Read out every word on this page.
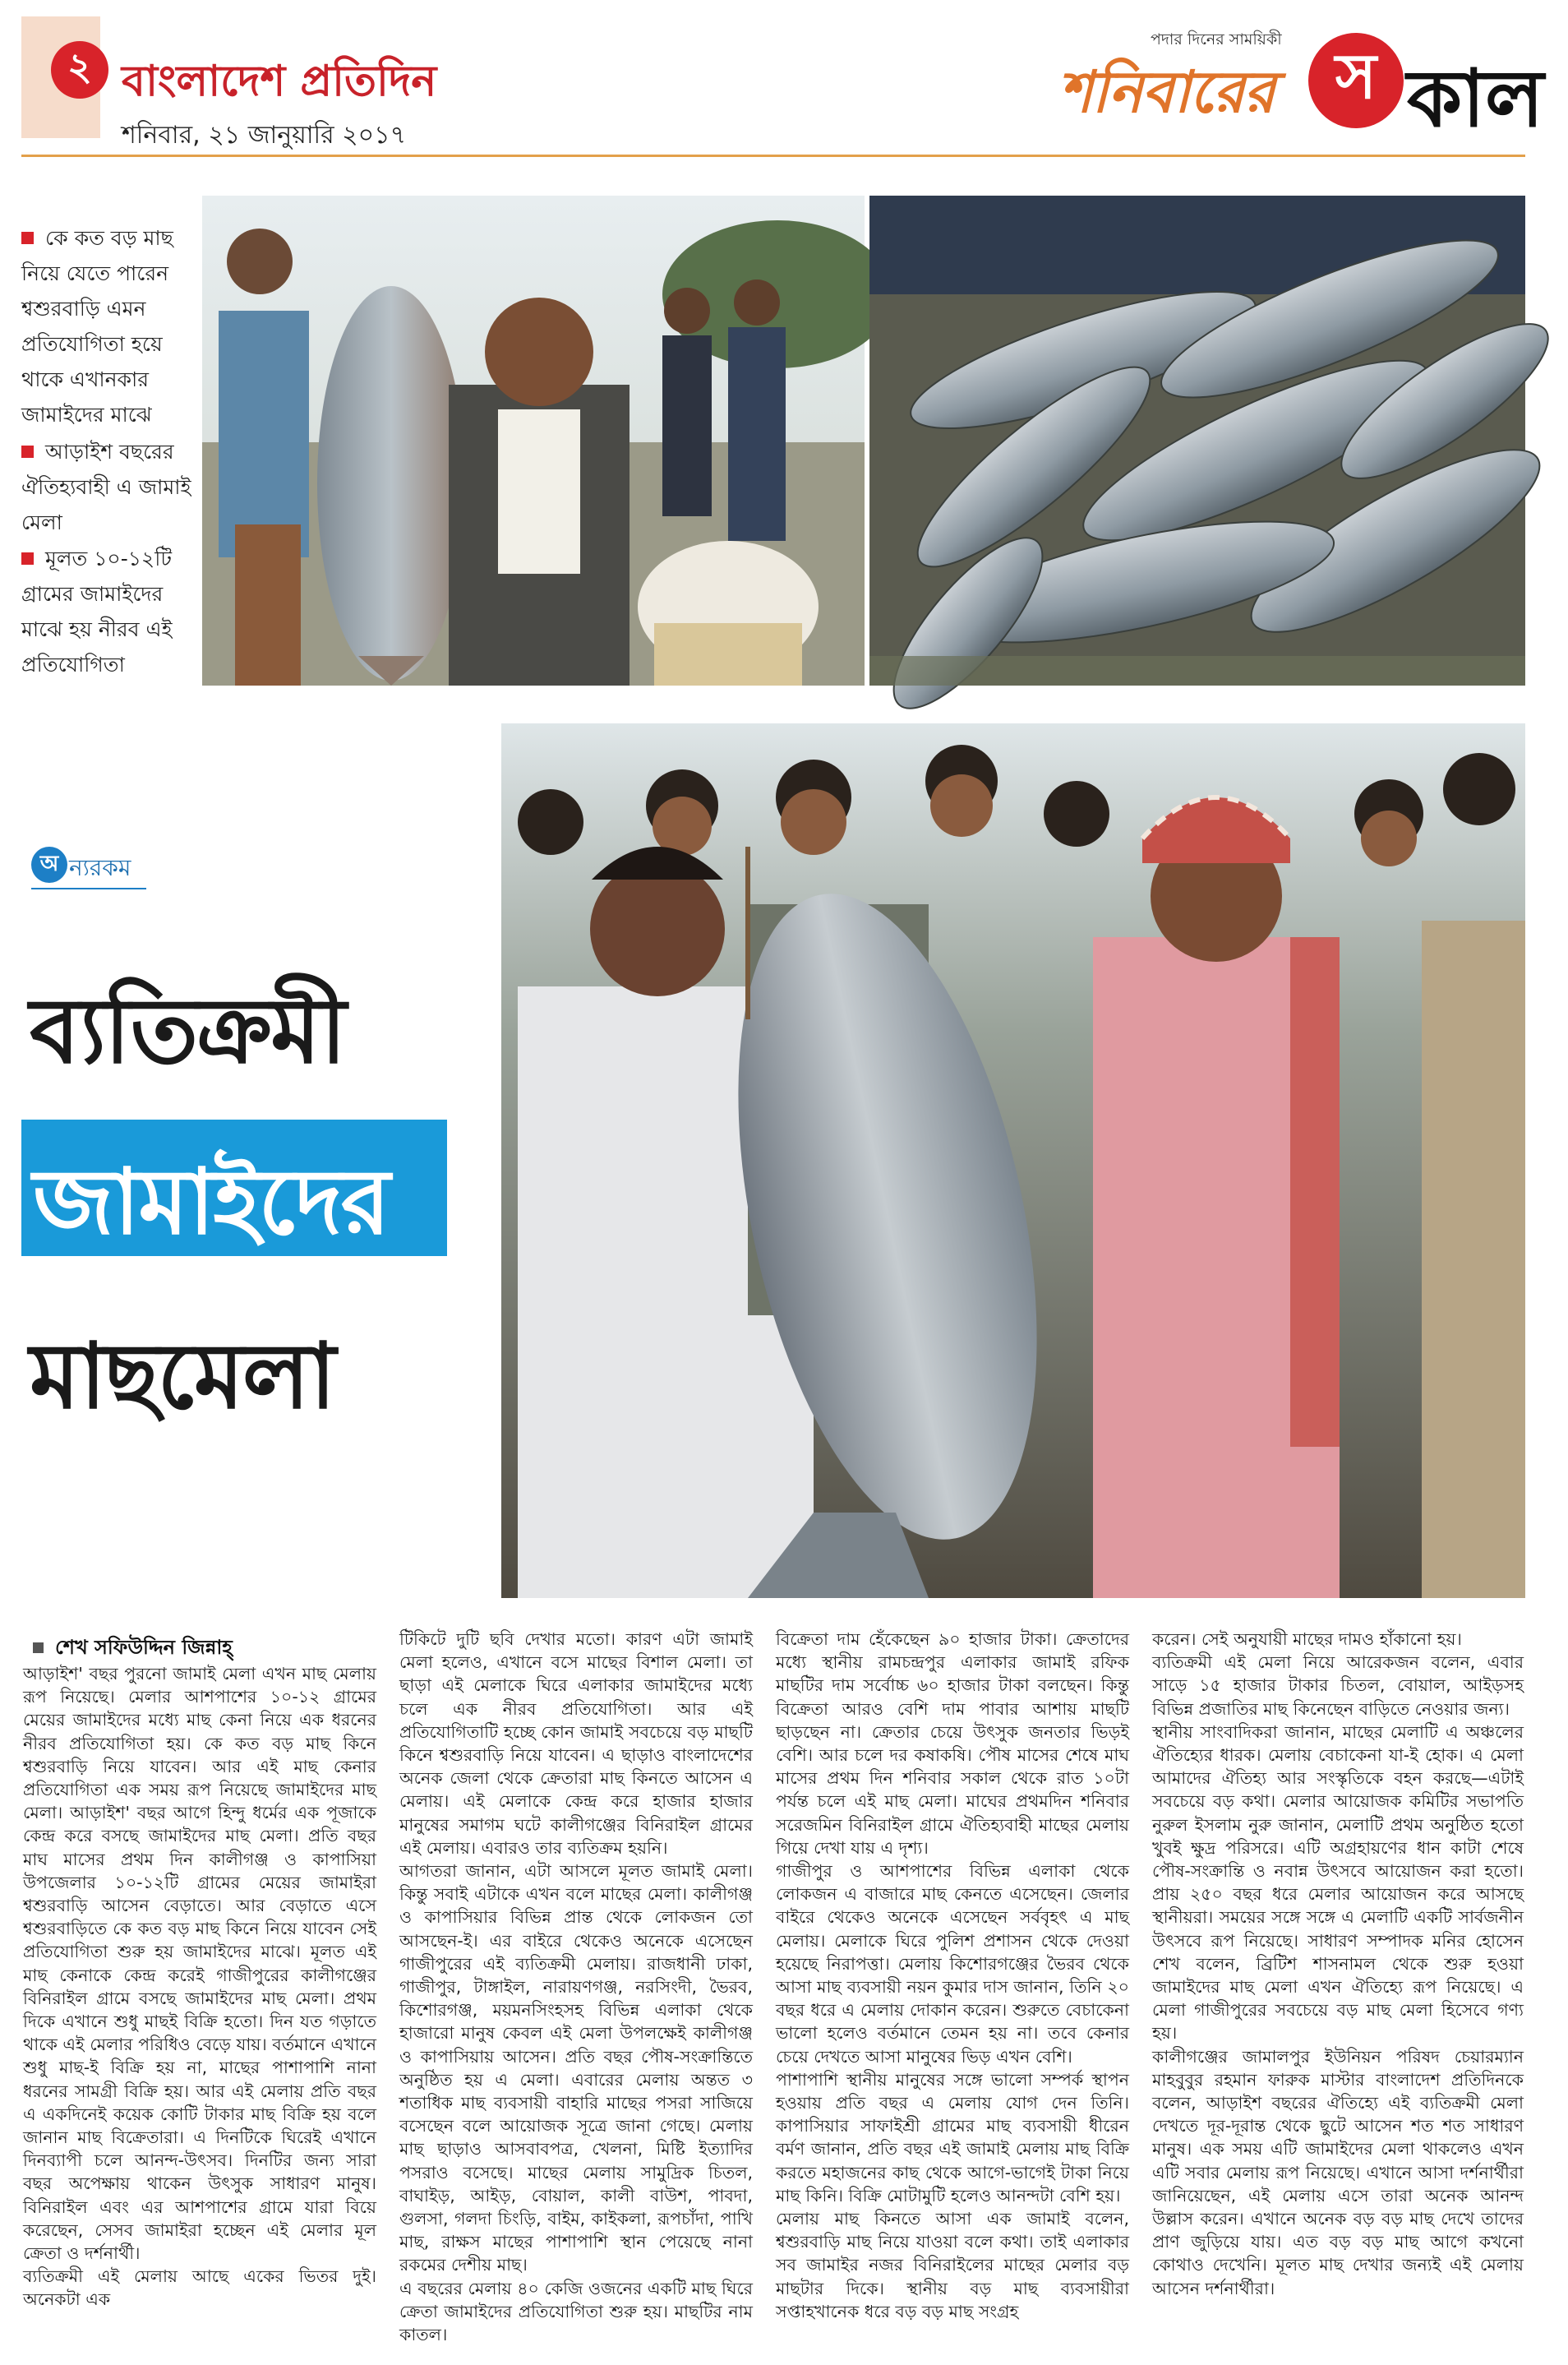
২ বাংলাদেশ প্রতিদিন
শনিবার, ২১ জানুয়ারি ২০১৭
পদার দিনের সাময়িকী
শনিবারের স কাল
কে কত বড় মাছ নিয়ে যেতে পারেন শ্বশুরবাড়ি এমন প্রতিযোগিতা হয়ে থাকে এখানকার জামাইদের মাঝে
আড়াইশ বছরের ঐতিহ্যবাহী এ জামাই মেলা
মূলত ১০-১২টি গ্রামের জামাইদের মাঝে হয় নীরব এই প্রতিযোগিতা
অ ন্যরকম
ব্যতিক্রমী
জামাইদের
মাছমেলা
শেখ সফিউদ্দিন জিন্নাহ্

আড়াইশ' বছর পুরনো জামাই মেলা এখন মাছ মেলায় রূপ নিয়েছে। মেলার আশপাশের ১০-১২ গ্রামের মেয়ের জামাইদের মধ্যে মাছ কেনা নিয়ে এক ধরনের নীরব প্রতিযোগিতা হয়। কে কত বড় মাছ কিনে শ্বশুরবাড়ি নিয়ে যাবেন। আর এই মাছ কেনার প্রতিযোগিতা এক সময় রূপ নিয়েছে জামাইদের মাছ মেলা। আড়াইশ' বছর আগে হিন্দু ধর্মের এক পূজাকে কেন্দ্র করে বসছে জামাইদের মাছ মেলা। প্রতি বছর মাঘ মাসের প্রথম দিন কালীগঞ্জ ও কাপাসিয়া উপজেলার ১০-১২টি গ্রামের মেয়ের জামাইরা শ্বশুরবাড়ি আসেন বেড়াতে। আর বেড়াতে এসে শ্বশুরবাড়িতে কে কত বড় মাছ কিনে নিয়ে যাবেন সেই প্রতিযোগিতা শুরু হয় জামাইদের মাঝে। মূলত এই মাছ কেনাকে কেন্দ্র করেই গাজীপুরের কালীগঞ্জের বিনিরাইল গ্রামে বসছে জামাইদের মাছ মেলা। প্রথম দিকে এখানে শুধু মাছই বিক্রি হতো। দিন যত গড়াতে থাকে এই মেলার পরিধিও বেড়ে যায়। বর্তমানে এখানে শুধু মাছ-ই বিক্রি হয় না, মাছের পাশাপাশি নানা ধরনের সামগ্রী বিক্রি হয়। আর এই মেলায় প্রতি বছর এ একদিনেই কয়েক কোটি টাকার মাছ বিক্রি হয় বলে জানান মাছ বিক্রেতারা। এ দিনটিকে ঘিরেই এখানে দিনব্যাপী চলে আনন্দ-উৎসব। দিনটির জন্য সারা বছর অপেক্ষায় থাকেন উৎসুক সাধারণ মানুষ। বিনিরাইল এবং এর আশপাশের গ্রামে যারা বিয়ে করেছেন, সেসব জামাইরা হচ্ছেন এই মেলার মূল ক্রেতা ও দর্শনার্থী।

ব্যতিক্রমী এই মেলায় আছে একের ভিতর দুই। অনেকটা এক

টিকিটে দুটি ছবি দেখার মতো। কারণ এটা জামাই মেলা হলেও, এখানে বসে মাছের বিশাল মেলা। তা ছাড়া এই মেলাকে ঘিরে এলাকার জামাইদের মধ্যে চলে এক নীরব প্রতিযোগিতা। আর এই প্রতিযোগিতাটি হচ্ছে কোন জামাই সবচেয়ে বড় মাছটি কিনে শ্বশুরবাড়ি নিয়ে যাবেন। এ ছাড়াও বাংলাদেশের অনেক জেলা থেকে ক্রেতারা মাছ কিনতে আসেন এ মেলায়। এই মেলাকে কেন্দ্র করে হাজার হাজার মানুষের সমাগম ঘটে কালীগঞ্জের বিনিরাইল গ্রামের এই মেলায়। এবারও তার ব্যতিক্রম হয়নি।

আগতরা জানান, এটা আসলে মূলত জামাই মেলা। কিন্তু সবাই এটাকে এখন বলে মাছের মেলা। কালীগঞ্জ ও কাপাসিয়ার বিভিন্ন প্রান্ত থেকে লোকজন তো আসছেন-ই। এর বাইরে থেকেও অনেকে এসেছেন গাজীপুরের এই ব্যতিক্রমী মেলায়। রাজধানী ঢাকা, গাজীপুর, টাঙ্গাইল, নারায়ণগঞ্জ, নরসিংদী, ভৈরব, কিশোরগঞ্জ, ময়মনসিংহসহ বিভিন্ন এলাকা থেকে হাজারো মানুষ কেবল এই মেলা উপলক্ষেই কালীগঞ্জ ও কাপাসিয়ায় আসেন। প্রতি বছর পৌষ-সংক্রান্তিতে অনুষ্ঠিত হয় এ মেলা। এবারের মেলায় অন্তত ৩ শতাধিক মাছ ব্যবসায়ী বাহারি মাছের পসরা সাজিয়ে বসেছেন বলে আয়োজক সূত্রে জানা গেছে। মেলায় মাছ ছাড়াও আসবাবপত্র, খেলনা, মিষ্টি ইত্যাদির পসরাও বসেছে। মাছের মেলায় সামুদ্রিক চিতল, বাঘাইড়, আইড়, বোয়াল, কালী বাউশ, পাবদা, গুলসা, গলদা চিংড়ি, বাইম, কাইকলা, রূপচাঁদা, পাখি মাছ, রাক্ষস মাছের পাশাপাশি স্থান পেয়েছে নানা রকমের দেশীয় মাছ।

এ বছরের মেলায় ৪০ কেজি ওজনের একটি মাছ ঘিরে ক্রেতা জামাইদের প্রতিযোগিতা শুরু হয়। মাছটির নাম কাতল।

বিক্রেতা দাম হেঁকেছেন ৯০ হাজার টাকা। ক্রেতাদের মধ্যে স্থানীয় রামচন্দ্রপুর এলাকার জামাই রফিক মাছটির দাম সর্বোচ্চ ৬০ হাজার টাকা বলছেন। কিন্তু বিক্রেতা আরও বেশি দাম পাবার আশায় মাছটি ছাড়ছেন না। ক্রেতার চেয়ে উৎসুক জনতার ভিড়ই বেশি। আর চলে দর কষাকষি। পৌষ মাসের শেষে মাঘ মাসের প্রথম দিন শনিবার সকাল থেকে রাত ১০টা পর্যন্ত চলে এই মাছ মেলা। মাঘের প্রথমদিন শনিবার সরেজমিন বিনিরাইল গ্রামে ঐতিহ্যবাহী মাছের মেলায় গিয়ে দেখা যায় এ দৃশ্য।

গাজীপুর ও আশপাশের বিভিন্ন এলাকা থেকে লোকজন এ বাজারে মাছ কেনতে এসেছেন। জেলার বাইরে থেকেও অনেকে এসেছেন সর্ববৃহৎ এ মাছ মেলায়। মেলাকে ঘিরে পুলিশ প্রশাসন থেকে দেওয়া হয়েছে নিরাপত্তা। মেলায় কিশোরগঞ্জের ভৈরব থেকে আসা মাছ ব্যবসায়ী নয়ন কুমার দাস জানান, তিনি ২০ বছর ধরে এ মেলায় দোকান করেন। শুরুতে বেচাকেনা ভালো হলেও বর্তমানে তেমন হয় না। তবে কেনার চেয়ে দেখতে আসা মানুষের ভিড় এখন বেশি।

পাশাপাশি স্থানীয় মানুষের সঙ্গে ভালো সম্পর্ক স্থাপন হওয়ায় প্রতি বছর এ মেলায় যোগ দেন তিনি। কাপাসিয়ার সাফাইশ্রী গ্রামের মাছ ব্যবসায়ী ধীরেন বর্মণ জানান, প্রতি বছর এই জামাই মেলায় মাছ বিক্রি করতে মহাজনের কাছ থেকে আগে-ভাগেই টাকা নিয়ে মাছ কিনি। বিক্রি মোটামুটি হলেও আনন্দটা বেশি হয়।

মেলায় মাছ কিনতে আসা এক জামাই বলেন, শ্বশুরবাড়ি মাছ নিয়ে যাওয়া বলে কথা। তাই এলাকার সব জামাইর নজর বিনিরাইলের মাছের মেলার বড় মাছটার দিকে। স্থানীয় বড় মাছ ব্যবসায়ীরা সপ্তাহখানেক ধরে বড় বড় মাছ সংগ্রহ

করেন। সেই অনুযায়ী মাছের দামও হাঁকানো হয়।

ব্যতিক্রমী এই মেলা নিয়ে আরেকজন বলেন, এবার সাড়ে ১৫ হাজার টাকার চিতল, বোয়াল, আইড়সহ বিভিন্ন প্রজাতির মাছ কিনেছেন বাড়িতে নেওয়ার জন্য।

স্থানীয় সাংবাদিকরা জানান, মাছের মেলাটি এ অঞ্চলের ঐতিহ্যের ধারক। মেলায় বেচাকেনা যা-ই হোক। এ মেলা আমাদের ঐতিহ্য আর সংস্কৃতিকে বহন করছে—এটাই সবচেয়ে বড় কথা। মেলার আয়োজক কমিটির সভাপতি নুরুল ইসলাম নুরু জানান, মেলাটি প্রথম অনুষ্ঠিত হতো খুবই ক্ষুদ্র পরিসরে। এটি অগ্রহায়ণের ধান কাটা শেষে পৌষ-সংক্রান্তি ও নবান্ন উৎসবে আয়োজন করা হতো। প্রায় ২৫০ বছর ধরে মেলার আয়োজন করে আসছে স্থানীয়রা। সময়ের সঙ্গে সঙ্গে এ মেলাটি একটি সার্বজনীন উৎসবে রূপ নিয়েছে। সাধারণ সম্পাদক মনির হোসেন শেখ বলেন, ব্রিটিশ শাসনামল থেকে শুরু হওয়া জামাইদের মাছ মেলা এখন ঐতিহ্যে রূপ নিয়েছে। এ মেলা গাজীপুরের সবচেয়ে বড় মাছ মেলা হিসেবে গণ্য হয়।

কালীগঞ্জের জামালপুর ইউনিয়ন পরিষদ চেয়ারম্যান মাহবুবুর রহমান ফারুক মাস্টার বাংলাদেশ প্রতিদিনকে বলেন, আড়াইশ বছরের ঐতিহ্যে এই ব্যতিক্রমী মেলা দেখতে দূর-দূরান্ত থেকে ছুটে আসেন শত শত সাধারণ মানুষ। এক সময় এটি জামাইদের মেলা থাকলেও এখন এটি সবার মেলায় রূপ নিয়েছে। এখানে আসা দর্শনার্থীরা জানিয়েছেন, এই মেলায় এসে তারা অনেক আনন্দ উল্লাস করেন। এখানে অনেক বড় বড় মাছ দেখে তাদের প্রাণ জুড়িয়ে যায়। এত বড় বড় মাছ আগে কখনো কোথাও দেখেনি। মূলত মাছ দেখার জন্যই এই মেলায় আসেন দর্শনার্থীরা।
